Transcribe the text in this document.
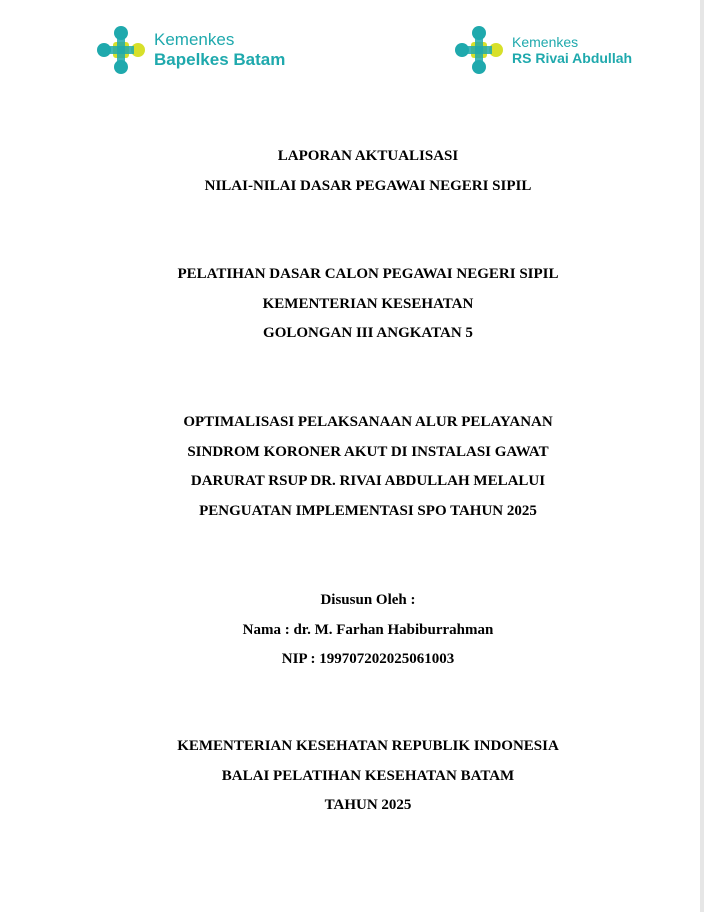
Kemenkes
Bapelkes Batam
Kemenkes
RS Rivai Abdullah
LAPORAN AKTUALISASI
NILAI-NILAI DASAR PEGAWAI NEGERI SIPIL
PELATIHAN DASAR CALON PEGAWAI NEGERI SIPIL
KEMENTERIAN KESEHATAN
GOLONGAN III ANGKATAN 5
OPTIMALISASI PELAKSANAAN ALUR PELAYANAN
SINDROM KORONER AKUT DI INSTALASI GAWAT
DARURAT RSUP DR. RIVAI ABDULLAH MELALUI
PENGUATAN IMPLEMENTASI SPO TAHUN 2025
Disusun Oleh :
Nama : dr. M. Farhan Habiburrahman
NIP : 199707202025061003
KEMENTERIAN KESEHATAN REPUBLIK INDONESIA
BALAI PELATIHAN KESEHATAN BATAM
TAHUN 2025
